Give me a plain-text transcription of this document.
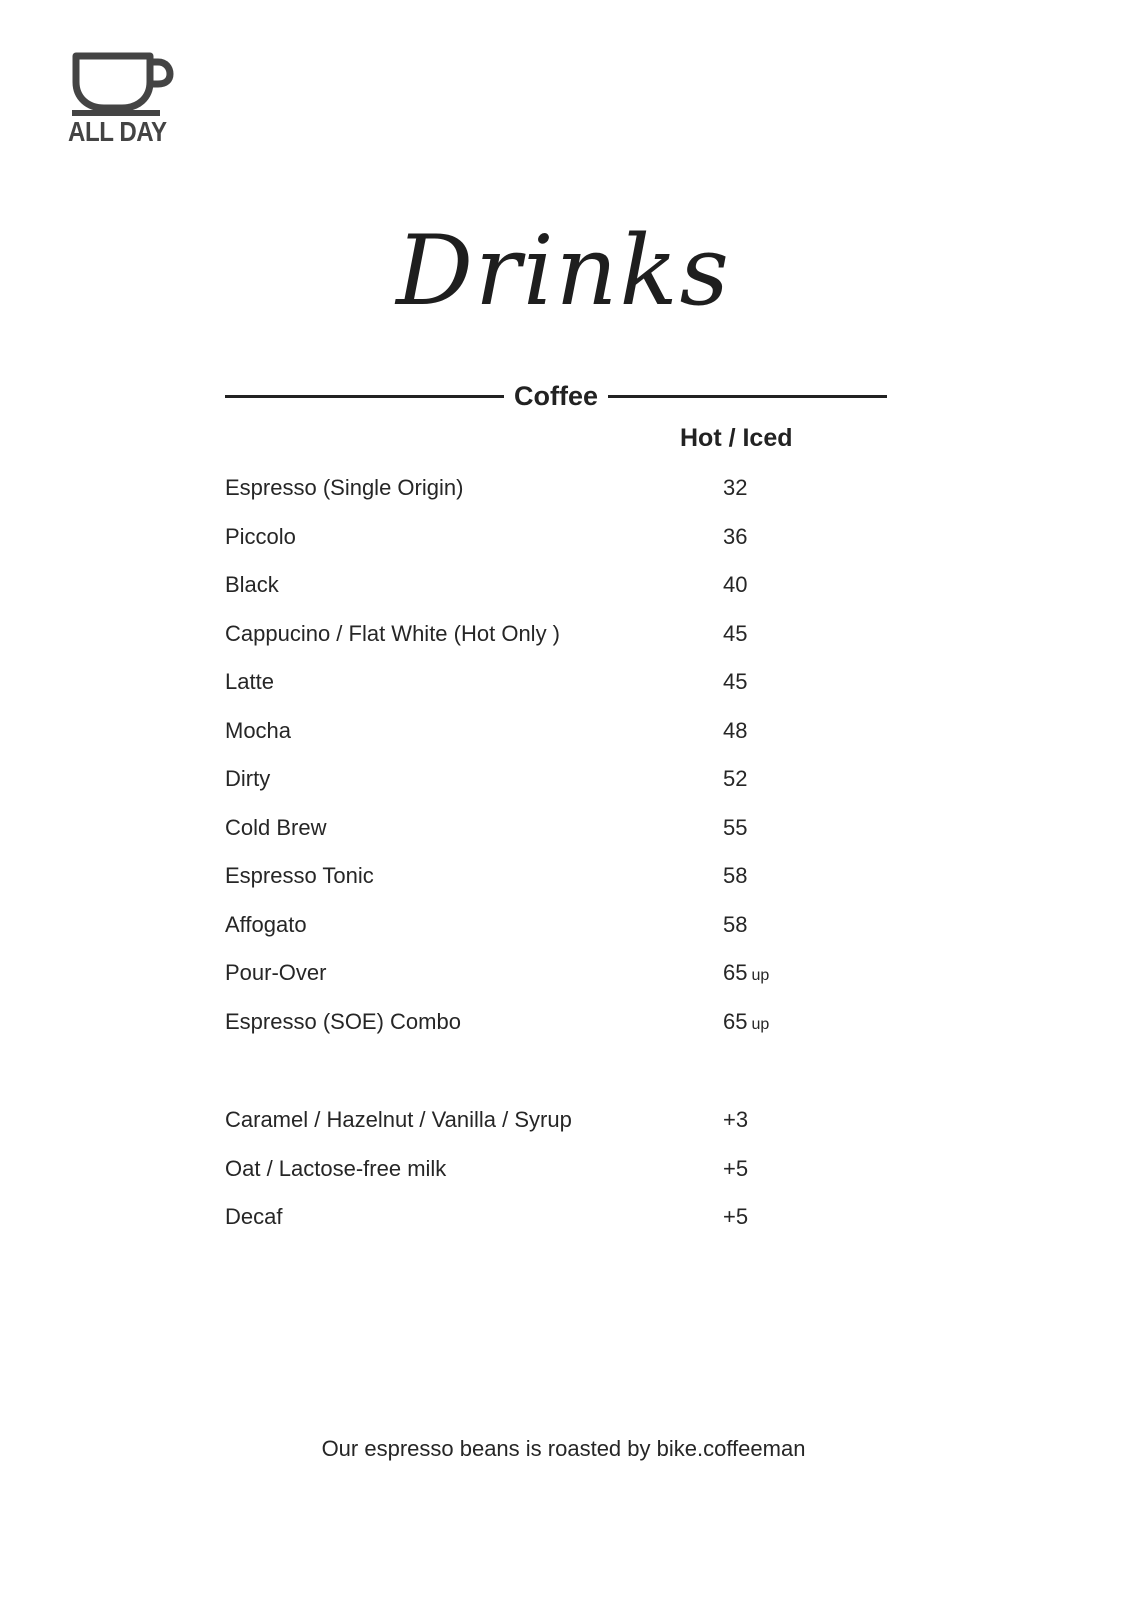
ALL DAY
Drinks
Coffee
Hot / Iced
Espresso (Single Origin)	32
Piccolo	36
Black	40
Cappucino / Flat White (Hot Only )	45
Latte	45
Mocha	48
Dirty	52
Cold Brew	55
Espresso Tonic	58
Affogato	58
Pour-Over	65 up
Espresso (SOE) Combo	65 up
Caramel / Hazelnut / Vanilla / Syrup	+3
Oat / Lactose-free milk	+5
Decaf	+5
Our espresso beans is roasted by bike.coffeeman
